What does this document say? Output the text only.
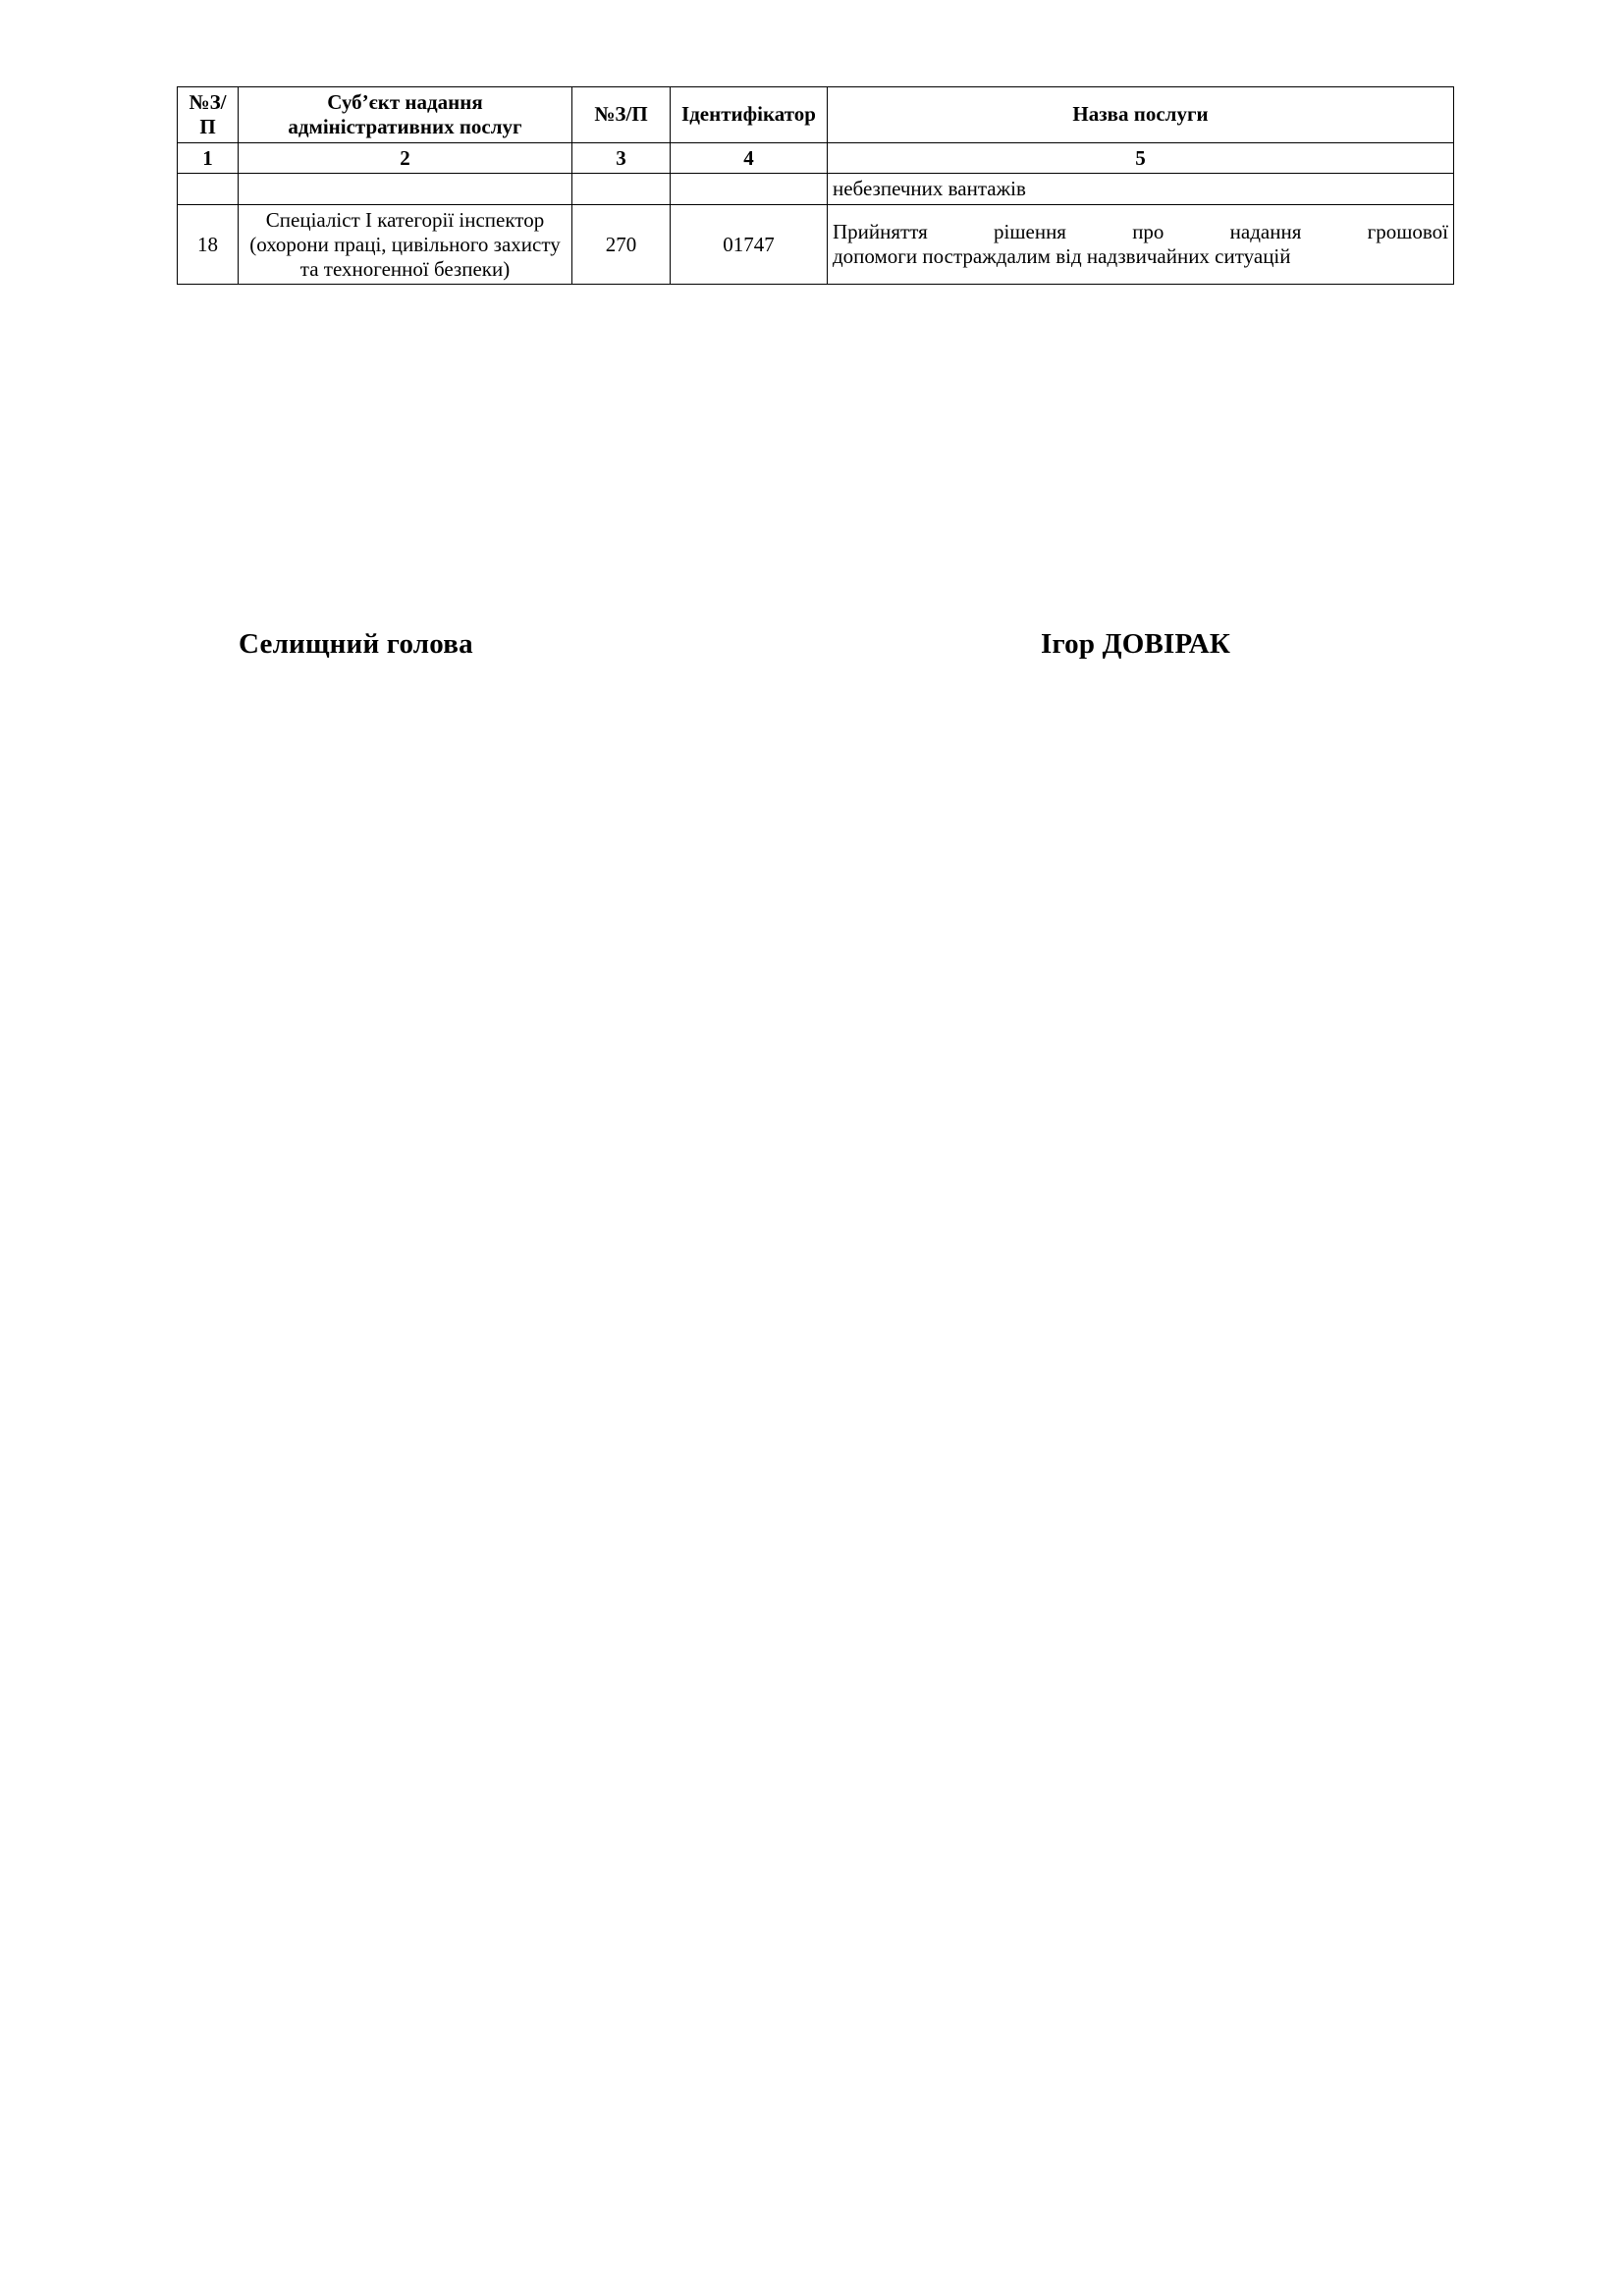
№З/П	Суб’єкт надання адміністративних послуг	№З/П	Ідентифікатор	Назва послуги
1	2	3	4	5
				небезпечних вантажів
18	Спеціаліст I категорії інспектор (охорони праці, цивільного захисту та техногенної безпеки)	270	01747	Прийняття рішення про надання грошової
допомоги постраждалим від надзвичайних ситуацій
Селищний голова	Ігор ДОВІРАК
